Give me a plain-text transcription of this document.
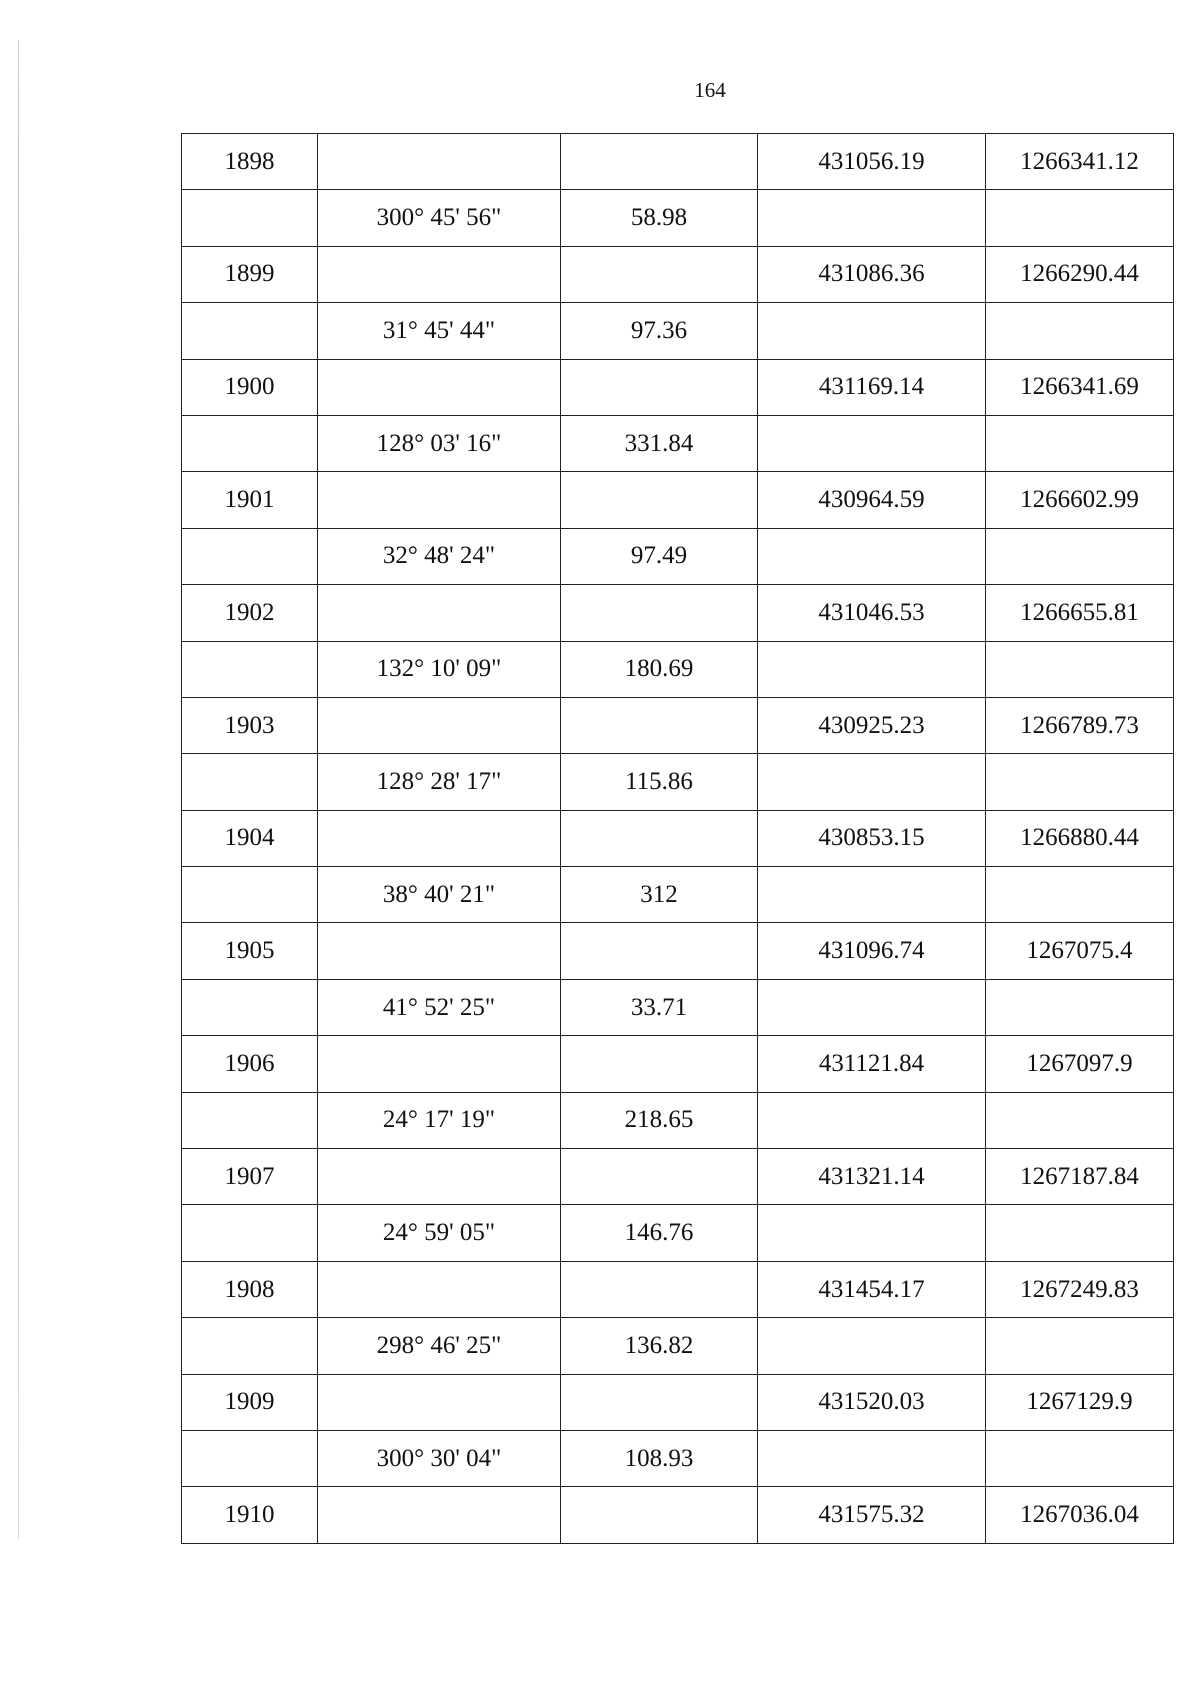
164
1898			431056.19	1266341.12
	300° 45' 56"	58.98		
1899			431086.36	1266290.44
	31° 45' 44"	97.36		
1900			431169.14	1266341.69
	128° 03' 16"	331.84		
1901			430964.59	1266602.99
	32° 48' 24"	97.49		
1902			431046.53	1266655.81
	132° 10' 09"	180.69		
1903			430925.23	1266789.73
	128° 28' 17"	115.86		
1904			430853.15	1266880.44
	38° 40' 21"	312		
1905			431096.74	1267075.4
	41° 52' 25"	33.71		
1906			431121.84	1267097.9
	24° 17' 19"	218.65		
1907			431321.14	1267187.84
	24° 59' 05"	146.76		
1908			431454.17	1267249.83
	298° 46' 25"	136.82		
1909			431520.03	1267129.9
	300° 30' 04"	108.93		
1910			431575.32	1267036.04
